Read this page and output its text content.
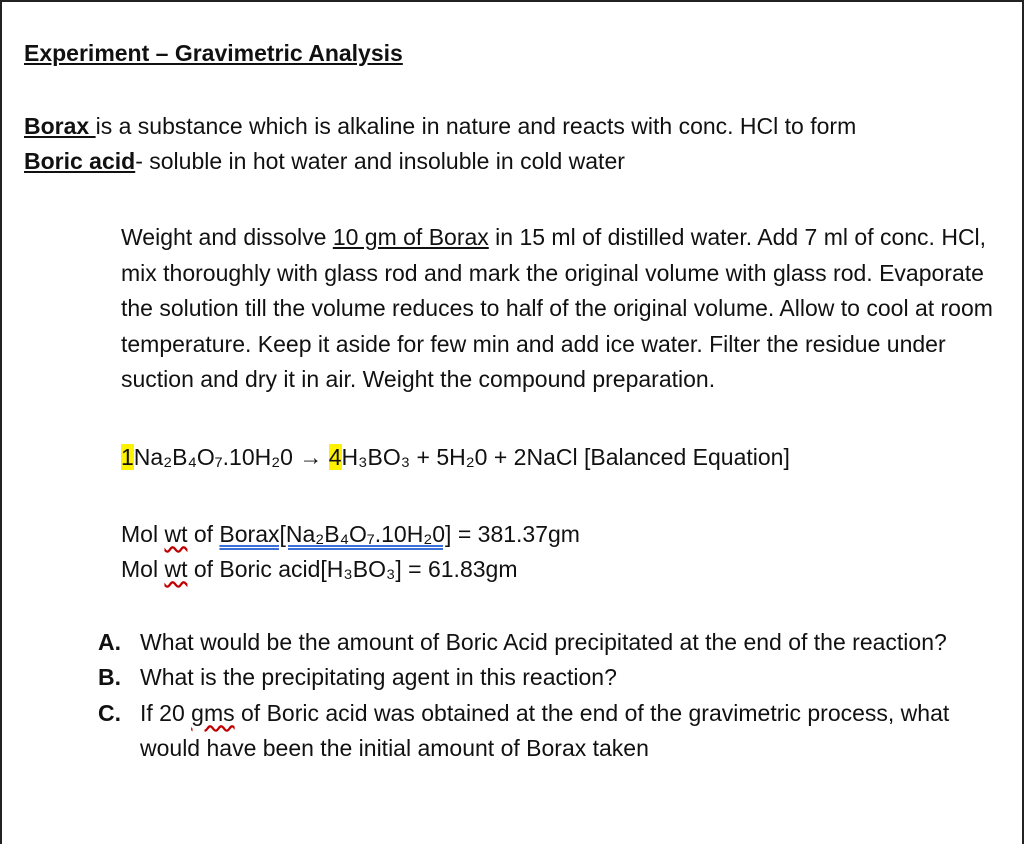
Experiment – Gravimetric Analysis
Borax is a substance which is alkaline in nature and reacts with conc. HCl to form
Boric acid- soluble in hot water and insoluble in cold water
Weight and dissolve 10 gm of Borax in 15 ml of distilled water. Add 7 ml of conc. HCl, mix thoroughly with glass rod and mark the original volume with glass rod. Evaporate the solution till the volume reduces to half of the original volume. Allow to cool at room temperature. Keep it aside for few min and add ice water. Filter the residue under suction and dry it in air. Weight the compound preparation.
1Na₂B₄O₇.10H₂0 → 4H₃BO₃ + 5H₂0 + 2NaCl [Balanced Equation]
Mol wt of Borax[Na₂B₄O₇.10H₂0] = 381.37gm
Mol wt of Boric acid[H₃BO₃] = 61.83gm
A. What would be the amount of Boric Acid precipitated at the end of the reaction?
B. What is the precipitating agent in this reaction?
C. If 20 gms of Boric acid was obtained at the end of the gravimetric process, what would have been the initial amount of Borax taken
